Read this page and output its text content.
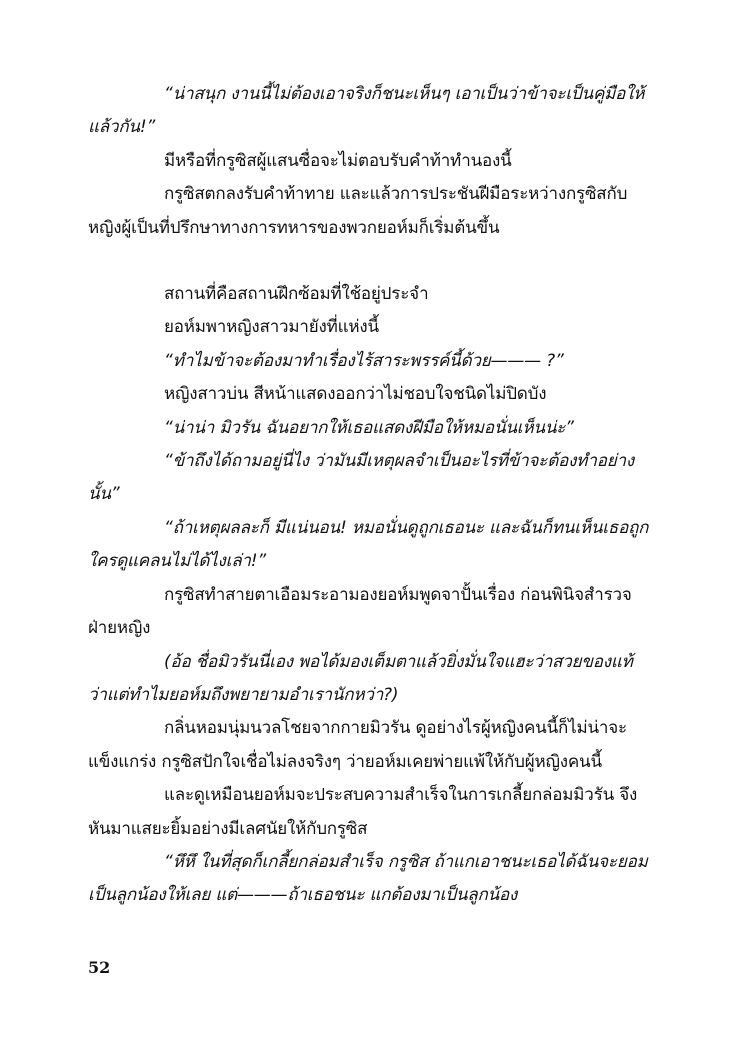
“น่าสนุก งานนี้ไม่ต้องเอาจริงก็ชนะเห็นๆ เอาเป็นว่าข้าจะเป็นคู่มือให้แล้วกัน!”

มีหรือที่กรูซิสผู้แสนซื่อจะไม่ตอบรับคำท้าทำนองนี้

กรูซิสตกลงรับคำท้าทาย และแล้วการประชันฝีมือระหว่างกรูซิสกับหญิงผู้เป็นที่ปรึกษาทางการทหารของพวกยอห์มก็เริ่มต้นขึ้น

สถานที่คือสถานฝึกซ้อมที่ใช้อยู่ประจำ

ยอห์มพาหญิงสาวมายังที่แห่งนี้

“ทำไมข้าจะต้องมาทำเรื่องไร้สาระพรรค์นี้ด้วย——— ?”

หญิงสาวบ่น สีหน้าแสดงออกว่าไม่ชอบใจชนิดไม่ปิดบัง

“น่าน่า มิวรัน ฉันอยากให้เธอแสดงฝีมือให้หมอนั่นเห็นน่ะ”

“ข้าถึงได้ถามอยู่นี่ไง ว่ามันมีเหตุผลจำเป็นอะไรที่ข้าจะต้องทำอย่างนั้น”

“ถ้าเหตุผลละก็ มีแน่นอน! หมอนั่นดูถูกเธอนะ และฉันก็ทนเห็นเธอถูกใครดูแคลนไม่ได้ไงเล่า!”

กรูซิสทำสายตาเอือมระอามองยอห์มพูดจาปั้นเรื่อง ก่อนพินิจสำรวจฝ่ายหญิง

(อ้อ ชื่อมิวรันนี่เอง พอได้มองเต็มตาแล้วยิ่งมั่นใจแฮะว่าสวยของแท้ ว่าแต่ทำไมยอห์มถึงพยายามอำเรานักหว่า?)

กลิ่นหอมนุ่มนวลโชยจากกายมิวรัน ดูอย่างไรผู้หญิงคนนี้ก็ไม่น่าจะแข็งแกร่ง กรูซิสปักใจเชื่อไม่ลงจริงๆ ว่ายอห์มเคยพ่ายแพ้ให้กับผู้หญิงคนนี้

และดูเหมือนยอห์มจะประสบความสำเร็จในการเกลี้ยกล่อมมิวรัน จึงหันมาแสยะยิ้มอย่างมีเลศนัยให้กับกรูซิส

“หึหึ ในที่สุดก็เกลี้ยกล่อมสำเร็จ กรูซิส ถ้าแกเอาชนะเธอได้ฉันจะยอมเป็นลูกน้องให้เลย แต่———ถ้าเธอชนะ แกต้องมาเป็นลูกน้อง

52
